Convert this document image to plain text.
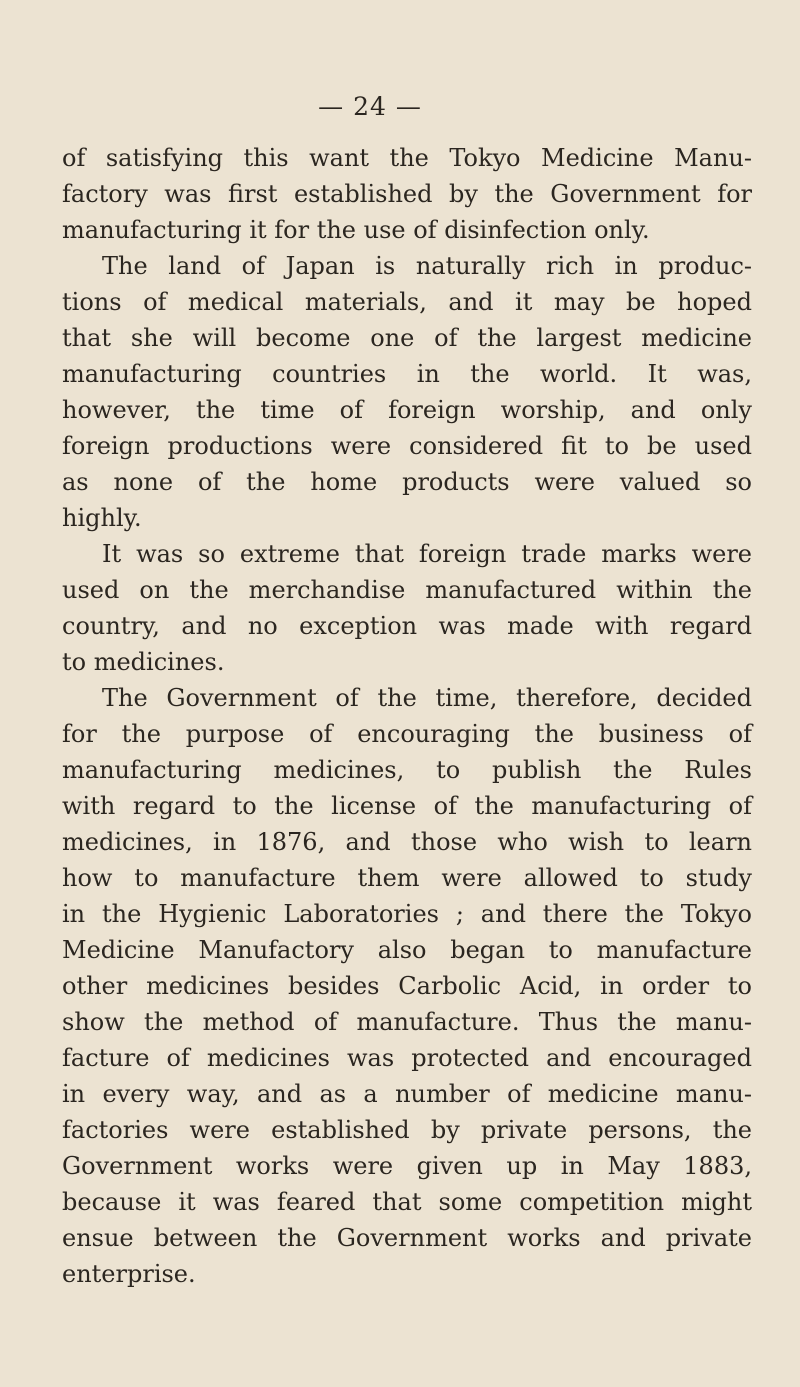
— 24 —
of satisfying this want the Tokyo Medicine Manu-
factory was first established by the Government for
manufacturing it for the use of disinfection only.
The land of Japan is naturally rich in produc-
tions of medical materials, and it may be hoped
that she will become one of the largest medicine
manufacturing countries in the world. It was,
however, the time of foreign worship, and only
foreign productions were considered fit to be used
as none of the home products were valued so
highly.
It was so extreme that foreign trade marks were
used on the merchandise manufactured within the
country, and no exception was made with regard
to medicines.
The Government of the time, therefore, decided
for the purpose of encouraging the business of
manufacturing medicines, to publish the Rules
with regard to the license of the manufacturing of
medicines, in 1876, and those who wish to learn
how to manufacture them were allowed to study
in the Hygienic Laboratories ; and there the Tokyo
Medicine Manufactory also began to manufacture
other medicines besides Carbolic Acid, in order to
show the method of manufacture. Thus the manu-
facture of medicines was protected and encouraged
in every way, and as a number of medicine manu-
factories were established by private persons, the
Government works were given up in May 1883,
because it was feared that some competition might
ensue between the Government works and private
enterprise.
